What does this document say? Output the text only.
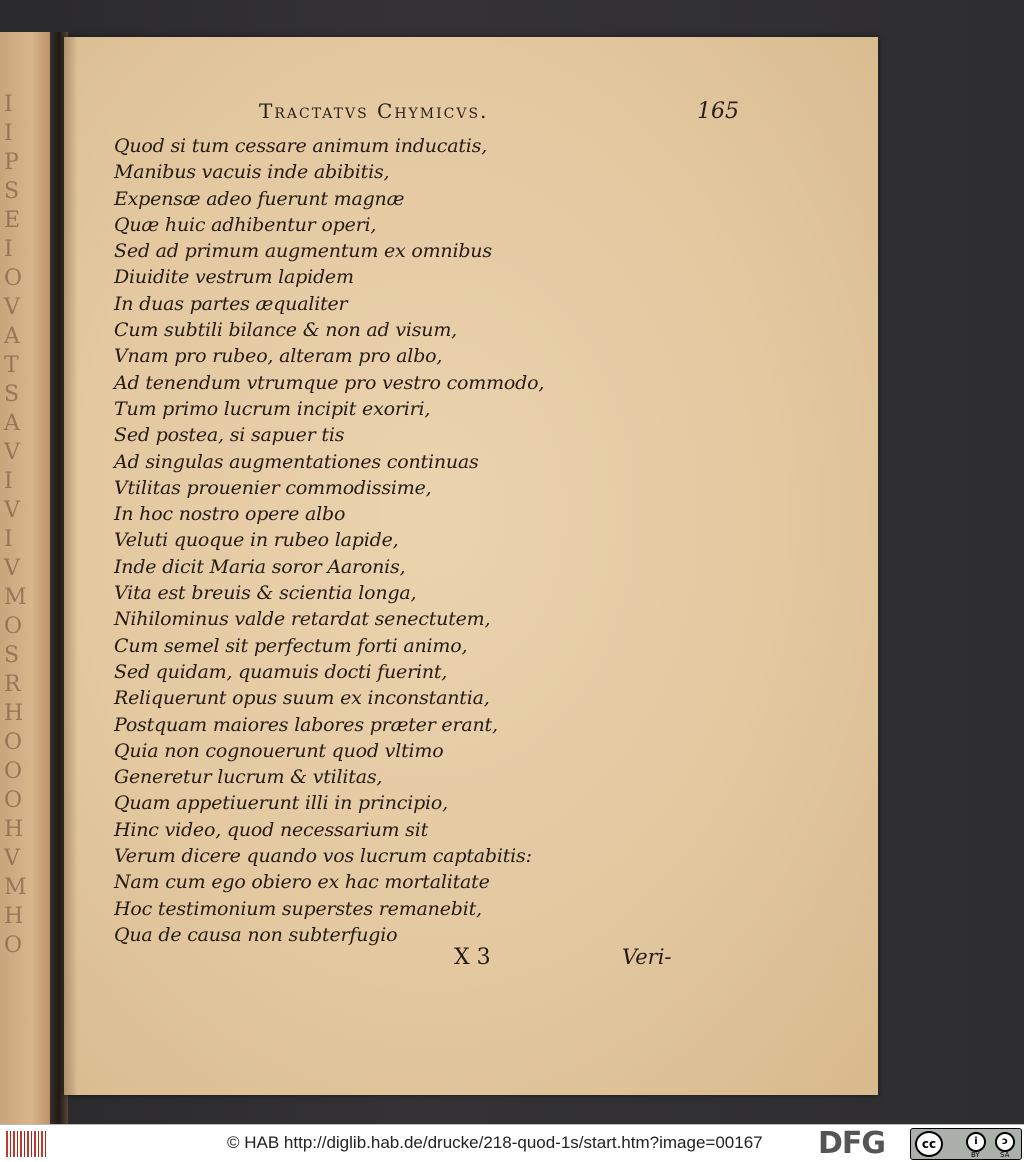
I
I
P
S
E
I
O
V
A
T
S
A
V
I
V
I
V
M
O
S
R
H
O
O
O
H
V
M
H
O
Tractatvs Chymicvs.	165
Quod si tum cessare animum inducatis,
Manibus vacuis inde abibitis,
Expensæ adeo fuerunt magnæ
Quæ huic adhibentur operi,
Sed ad primum augmentum ex omnibus
Diuidite vestrum lapidem
In duas partes æqualiter
Cum subtili bilance & non ad visum,
Vnam pro rubeo, alteram pro albo,
Ad tenendum vtrumque pro vestro commodo,
Tum primo lucrum incipit exoriri,
Sed postea, si sapuer tis
Ad singulas augmentationes continuas
Vtilitas prouenier commodissime,
In hoc nostro opere albo
Veluti quoque in rubeo lapide,
Inde dicit Maria soror Aaronis,
Vita est breuis & scientia longa,
Nihilominus valde retardat senectutem,
Cum semel sit perfectum forti animo,
Sed quidam, quamuis docti fuerint,
Reliquerunt opus suum ex inconstantia,
Postquam maiores labores præter erant,
Quia non cognouerunt quod vltimo
Generetur lucrum & vtilitas,
Quam appetiuerunt illi in principio,
Hinc video, quod necessarium sit
Verum dicere quando vos lucrum captabitis:
Nam cum ego obiero ex hac mortalitate
Hoc testimonium superstes remanebit,
Qua de causa non subterfugio
X 3	Veri-
© HAB http://diglib.hab.de/drucke/218-quod-1s/start.htm?image=00167 DFG	cc	i	ↄ
BY	SA
